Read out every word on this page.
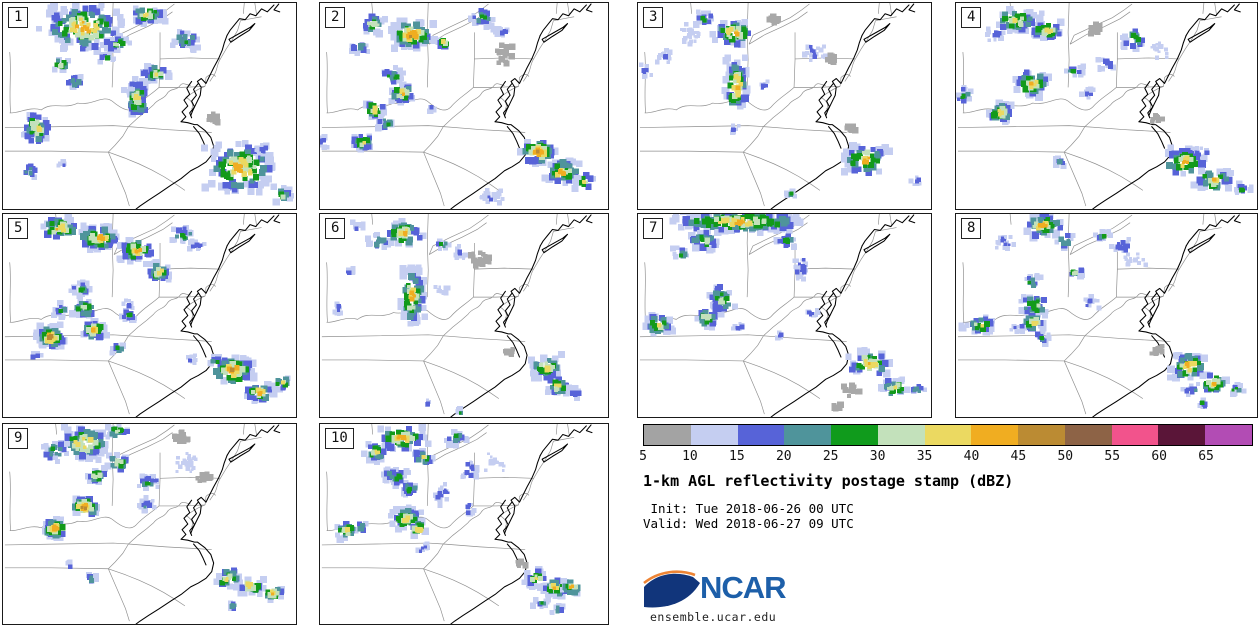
1	2	3	4
5	6	7	8
9	10
5	10 15 20 25 30 35 40 45 50 55 60 65
1-km AGL reflectivity postage stamp (dBZ)
Init: Tue 2018-06-26 00 UTC
Valid: Wed 2018-06-27 09 UTC
NCAR
ensemble.ucar.edu
